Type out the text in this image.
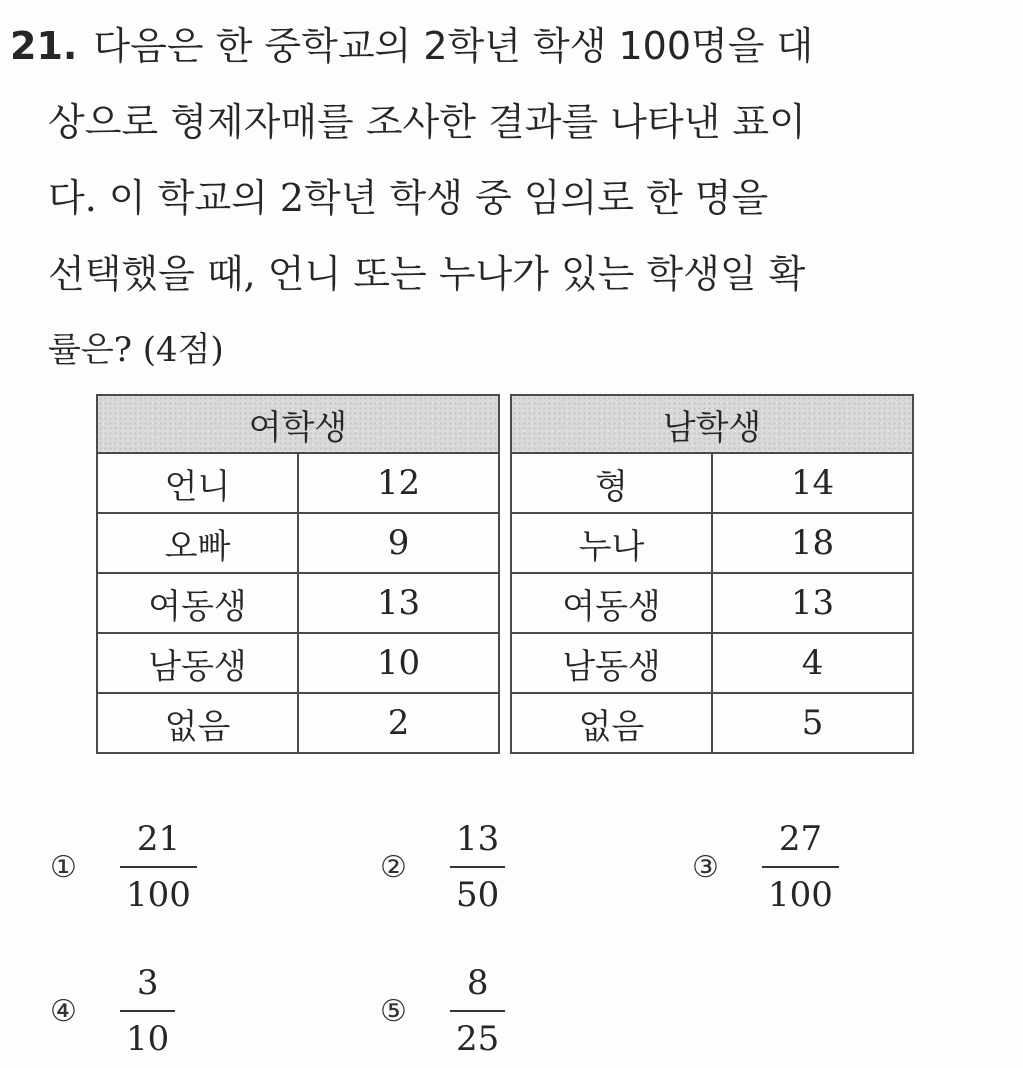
21. 다음은 한 중학교의 2학년 학생 100명을 대
상으로 형제자매를 조사한 결과를 나타낸 표이
다. 이 학교의 2학년 학생 중 임의로 한 명을
선택했을 때, 언니 또는 누나가 있는 학생일 확
률은? (4점)
여학생	
언니	12
오빠	9
여동생	13
남동생	10
없음	2
남학생	
형	14
누나	18
여동생	13
남동생	4
없음	5
①	$\frac{21}{100}$	②	$\frac{13}{50}$	③	$\frac{27}{100}$
④	$\frac{3}{10}$	⑤	$\frac{8}{25}$
